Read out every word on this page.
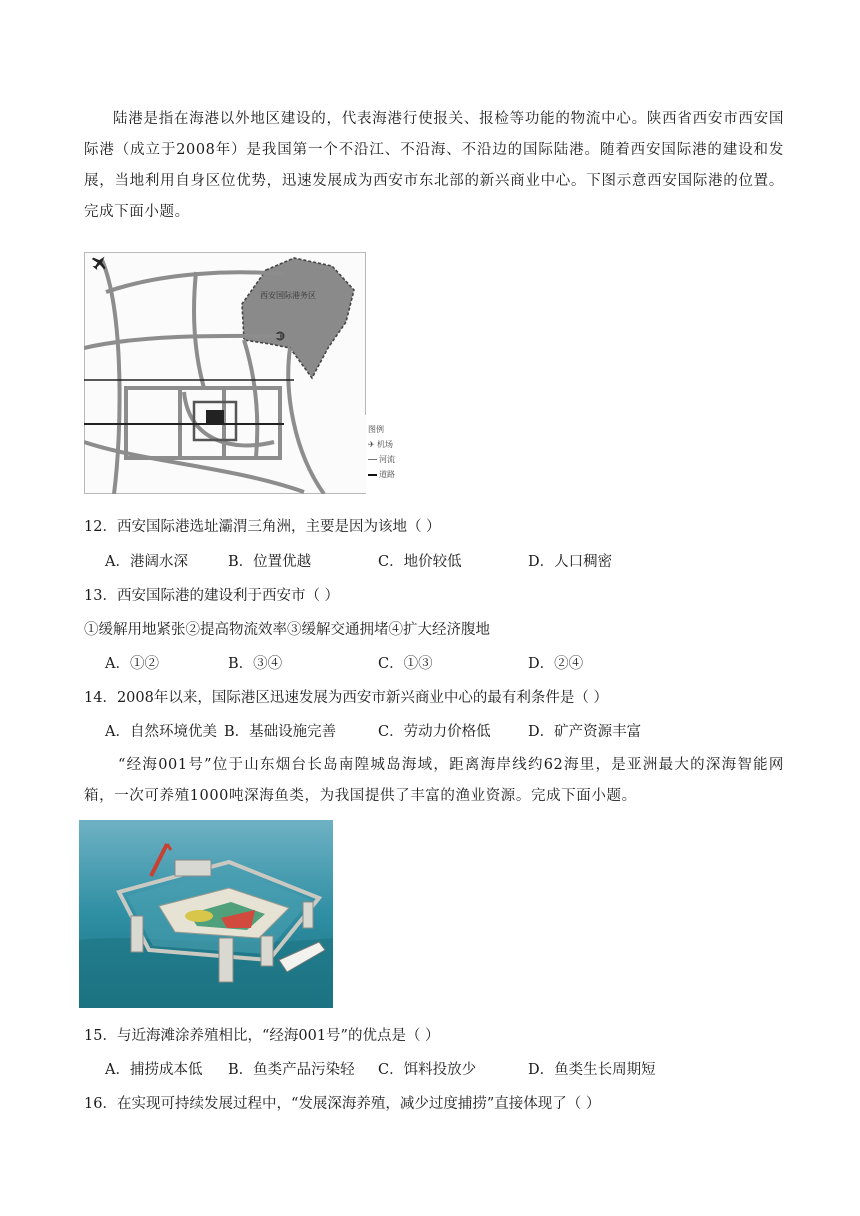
陆港是指在海港以外地区建设的，代表海港行使报关、报检等功能的物流中心。陕西省西安市西安国际港（成立于2008年）是我国第一个不沿江、不沿海、不沿边的国际陆港。随着西安国际港的建设和发展，当地利用自身区位优势，迅速发展成为西安市东北部的新兴商业中心。下图示意西安国际港的位置。完成下面小题。

西安国际港务区
图例
✈ 机场
河流
道路
12．西安国际港选址灞渭三角洲，主要是因为该地（ ）
A．港阔水深	B．位置优越	C．地价较低	D．人口稠密
13．西安国际港的建设利于西安市（ ）
①缓解用地紧张②提高物流效率③缓解交通拥堵④扩大经济腹地
A．①②	B．③④	C．①③	D．②④
14．2008年以来，国际港区迅速发展为西安市新兴商业中心的最有利条件是（ ）
A．自然环境优美 B．基础设施完善	C．劳动力价格低	D．矿产资源丰富

“经海001号”位于山东烟台长岛南隍城岛海域，距离海岸线约62海里，是亚洲最大的深海智能网箱，一次可养殖1000吨深海鱼类，为我国提供了丰富的渔业资源。完成下面小题。

15．与近海滩涂养殖相比，“经海001号”的优点是（ ）
A．捕捞成本低 B．鱼类产品污染轻 C．饵料投放少	D．鱼类生长周期短
16．在实现可持续发展过程中，“发展深海养殖，减少过度捕捞”直接体现了（ ）
